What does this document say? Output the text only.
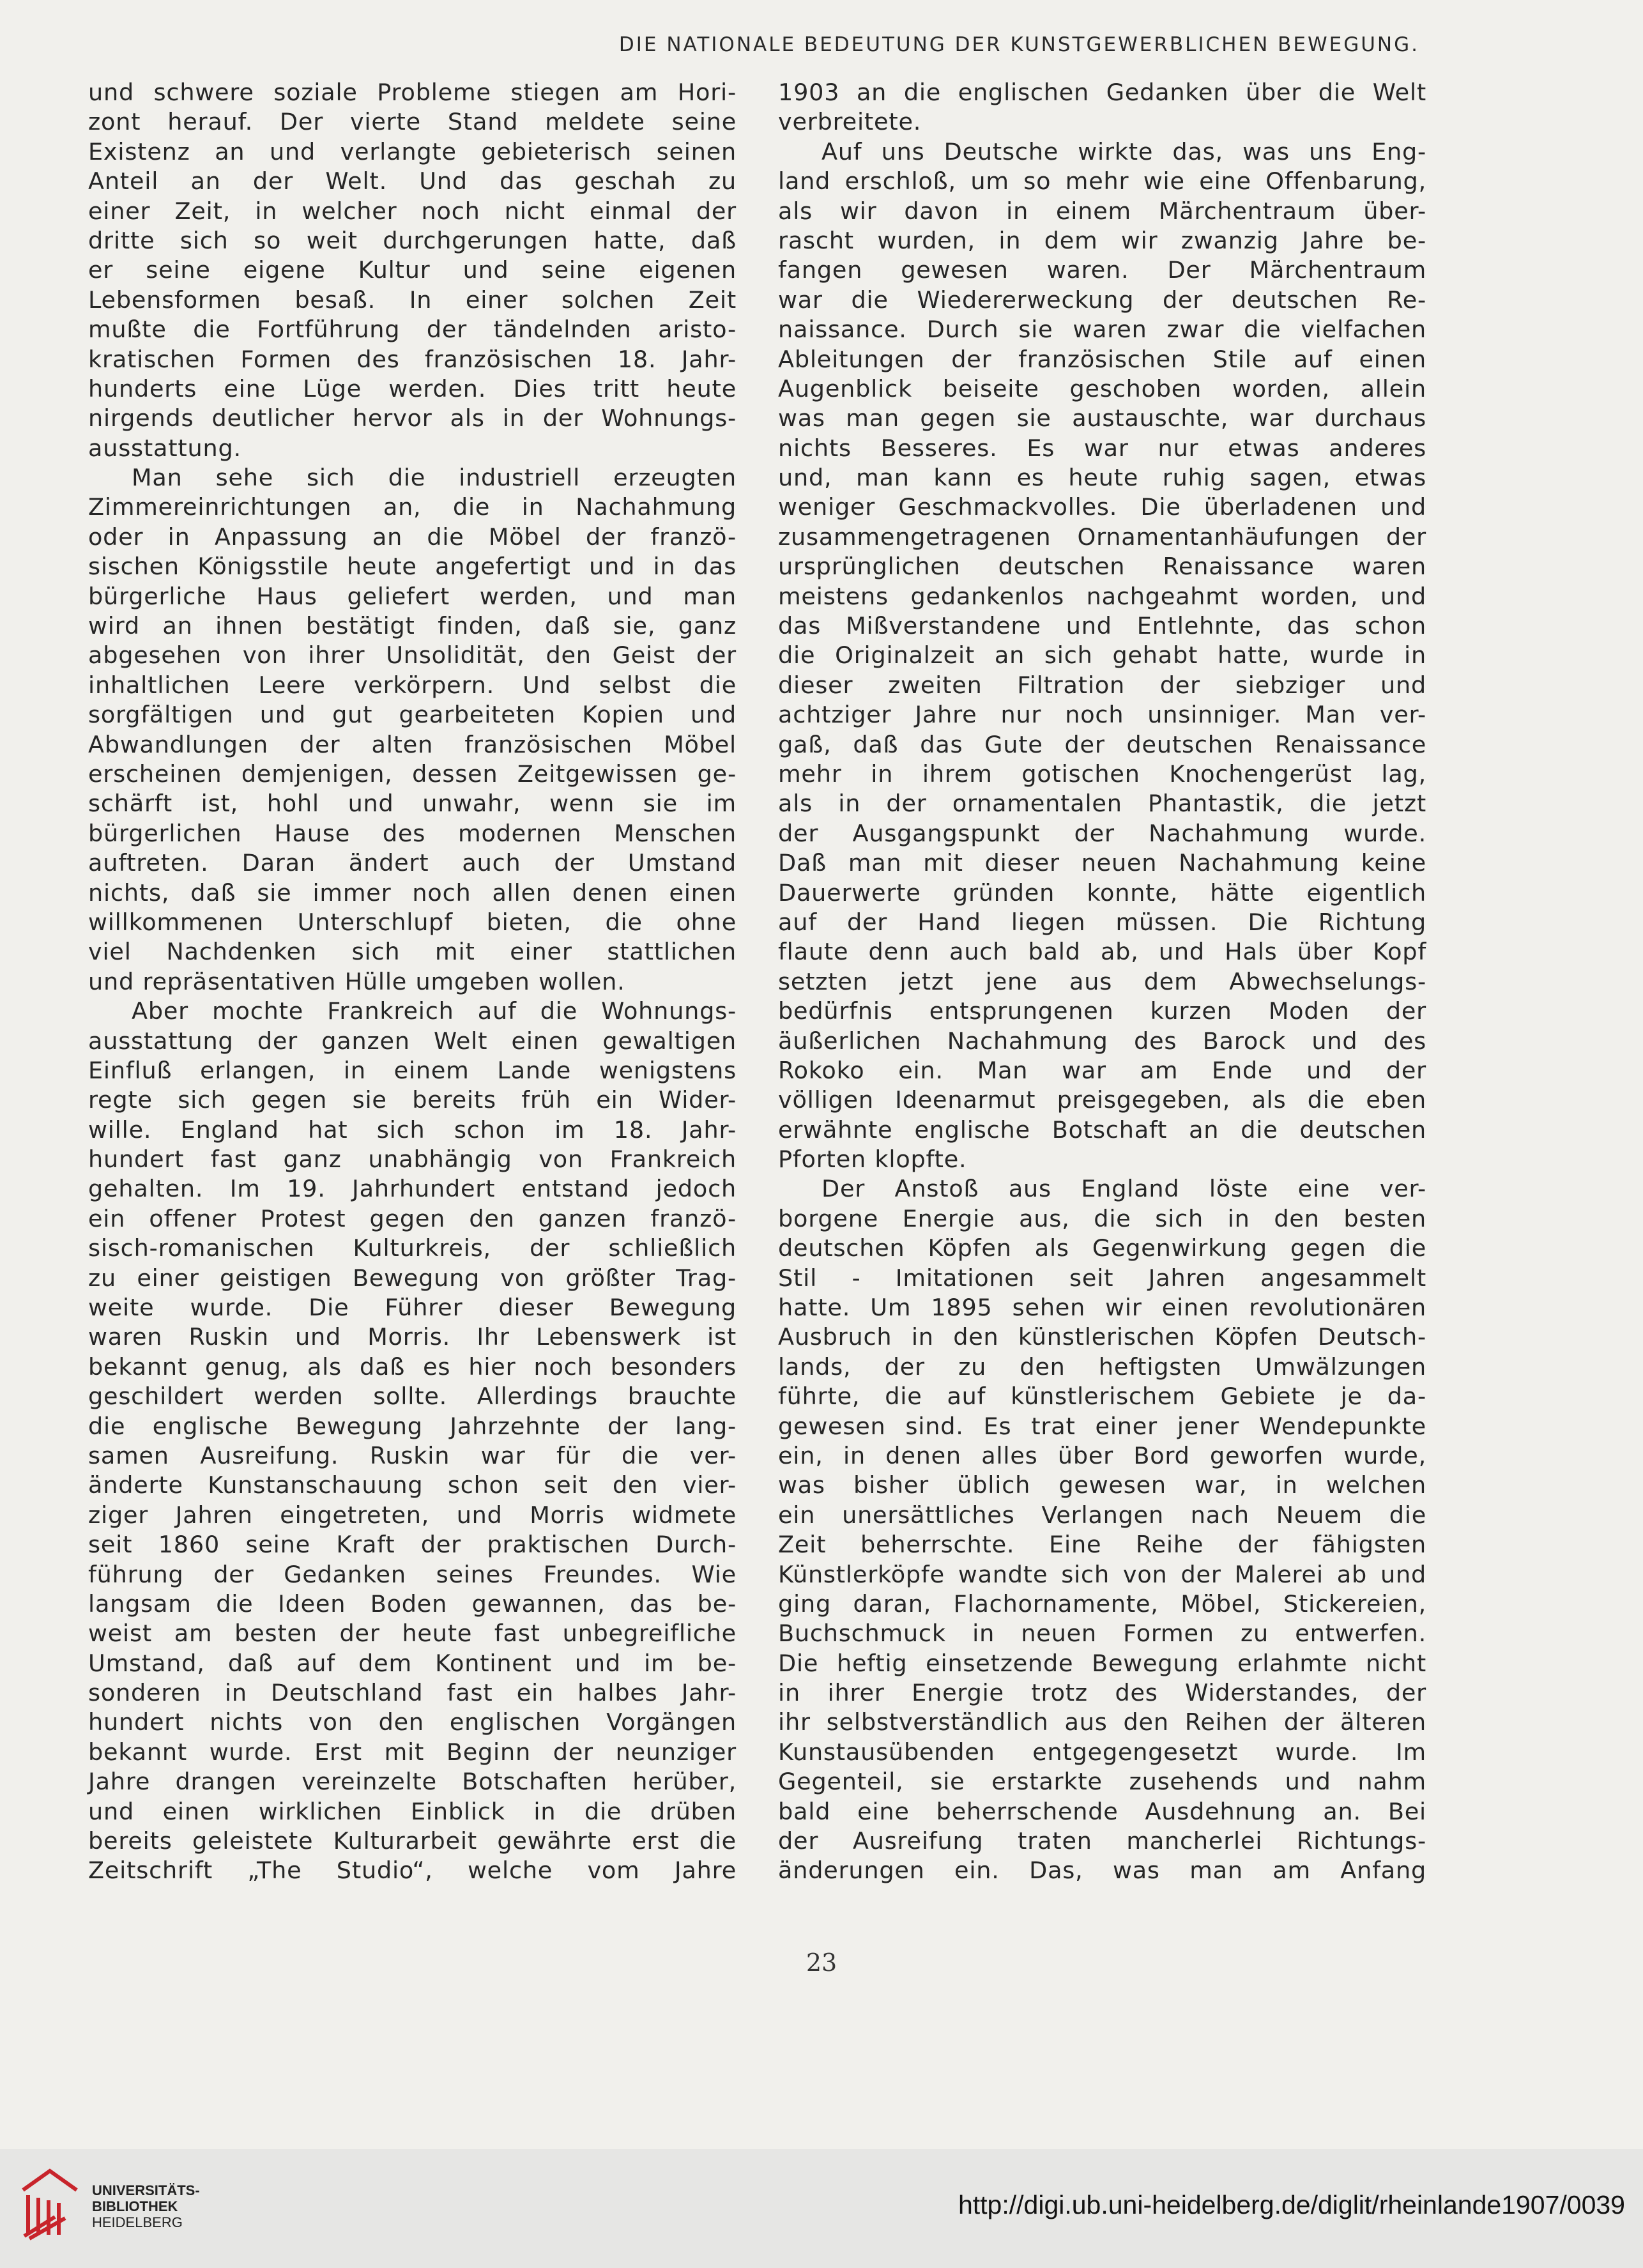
DIE NATIONALE BEDEUTUNG DER KUNSTGEWERBLICHEN BEWEGUNG.
und schwere soziale Probleme stiegen am Hori-
zont herauf. Der vierte Stand meldete seine
Existenz an und verlangte gebieterisch seinen
Anteil an der Welt. Und das geschah zu
einer Zeit, in welcher noch nicht einmal der
dritte sich so weit durchgerungen hatte, daß
er seine eigene Kultur und seine eigenen
Lebensformen besaß. In einer solchen Zeit
mußte die Fortführung der tändelnden aristo-
kratischen Formen des französischen 18. Jahr-
hunderts eine Lüge werden. Dies tritt heute
nirgends deutlicher hervor als in der Wohnungs-
ausstattung.
Man sehe sich die industriell erzeugten
Zimmereinrichtungen an, die in Nachahmung
oder in Anpassung an die Möbel der franzö-
sischen Königsstile heute angefertigt und in das
bürgerliche Haus geliefert werden, und man
wird an ihnen bestätigt finden, daß sie, ganz
abgesehen von ihrer Unsolidität, den Geist der
inhaltlichen Leere verkörpern. Und selbst die
sorgfältigen und gut gearbeiteten Kopien und
Abwandlungen der alten französischen Möbel
erscheinen demjenigen, dessen Zeitgewissen ge-
schärft ist, hohl und unwahr, wenn sie im
bürgerlichen Hause des modernen Menschen
auftreten. Daran ändert auch der Umstand
nichts, daß sie immer noch allen denen einen
willkommenen Unterschlupf bieten, die ohne
viel Nachdenken sich mit einer stattlichen
und repräsentativen Hülle umgeben wollen.
Aber mochte Frankreich auf die Wohnungs-
ausstattung der ganzen Welt einen gewaltigen
Einfluß erlangen, in einem Lande wenigstens
regte sich gegen sie bereits früh ein Wider-
wille. England hat sich schon im 18. Jahr-
hundert fast ganz unabhängig von Frankreich
gehalten. Im 19. Jahrhundert entstand jedoch
ein offener Protest gegen den ganzen franzö-
sisch-romanischen Kulturkreis, der schließlich
zu einer geistigen Bewegung von größter Trag-
weite wurde. Die Führer dieser Bewegung
waren Ruskin und Morris. Ihr Lebenswerk ist
bekannt genug, als daß es hier noch besonders
geschildert werden sollte. Allerdings brauchte
die englische Bewegung Jahrzehnte der lang-
samen Ausreifung. Ruskin war für die ver-
änderte Kunstanschauung schon seit den vier-
ziger Jahren eingetreten, und Morris widmete
seit 1860 seine Kraft der praktischen Durch-
führung der Gedanken seines Freundes. Wie
langsam die Ideen Boden gewannen, das be-
weist am besten der heute fast unbegreifliche
Umstand, daß auf dem Kontinent und im be-
sonderen in Deutschland fast ein halbes Jahr-
hundert nichts von den englischen Vorgängen
bekannt wurde. Erst mit Beginn der neunziger
Jahre drangen vereinzelte Botschaften herüber,
und einen wirklichen Einblick in die drüben
bereits geleistete Kulturarbeit gewährte erst die
Zeitschrift „The Studio“, welche vom Jahre
1903 an die englischen Gedanken über die Welt
verbreitete.
Auf uns Deutsche wirkte das, was uns Eng-
land erschloß, um so mehr wie eine Offenbarung,
als wir davon in einem Märchentraum über-
rascht wurden, in dem wir zwanzig Jahre be-
fangen gewesen waren. Der Märchentraum
war die Wiedererweckung der deutschen Re-
naissance. Durch sie waren zwar die vielfachen
Ableitungen der französischen Stile auf einen
Augenblick beiseite geschoben worden, allein
was man gegen sie austauschte, war durchaus
nichts Besseres. Es war nur etwas anderes
und, man kann es heute ruhig sagen, etwas
weniger Geschmackvolles. Die überladenen und
zusammengetragenen Ornamentanhäufungen der
ursprünglichen deutschen Renaissance waren
meistens gedankenlos nachgeahmt worden, und
das Mißverstandene und Entlehnte, das schon
die Originalzeit an sich gehabt hatte, wurde in
dieser zweiten Filtration der siebziger und
achtziger Jahre nur noch unsinniger. Man ver-
gaß, daß das Gute der deutschen Renaissance
mehr in ihrem gotischen Knochengerüst lag,
als in der ornamentalen Phantastik, die jetzt
der Ausgangspunkt der Nachahmung wurde.
Daß man mit dieser neuen Nachahmung keine
Dauerwerte gründen konnte, hätte eigentlich
auf der Hand liegen müssen. Die Richtung
flaute denn auch bald ab, und Hals über Kopf
setzten jetzt jene aus dem Abwechselungs-
bedürfnis entsprungenen kurzen Moden der
äußerlichen Nachahmung des Barock und des
Rokoko ein. Man war am Ende und der
völligen Ideenarmut preisgegeben, als die eben
erwähnte englische Botschaft an die deutschen
Pforten klopfte.
Der Anstoß aus England löste eine ver-
borgene Energie aus, die sich in den besten
deutschen Köpfen als Gegenwirkung gegen die
Stil - Imitationen seit Jahren angesammelt
hatte. Um 1895 sehen wir einen revolutionären
Ausbruch in den künstlerischen Köpfen Deutsch-
lands, der zu den heftigsten Umwälzungen
führte, die auf künstlerischem Gebiete je da-
gewesen sind. Es trat einer jener Wendepunkte
ein, in denen alles über Bord geworfen wurde,
was bisher üblich gewesen war, in welchen
ein unersättliches Verlangen nach Neuem die
Zeit beherrschte. Eine Reihe der fähigsten
Künstlerköpfe wandte sich von der Malerei ab und
ging daran, Flachornamente, Möbel, Stickereien,
Buchschmuck in neuen Formen zu entwerfen.
Die heftig einsetzende Bewegung erlahmte nicht
in ihrer Energie trotz des Widerstandes, der
ihr selbstverständlich aus den Reihen der älteren
Kunstausübenden entgegengesetzt wurde. Im
Gegenteil, sie erstarkte zusehends und nahm
bald eine beherrschende Ausdehnung an. Bei
der Ausreifung traten mancherlei Richtungs-
änderungen ein. Das, was man am Anfang
23
UNIVERSITÄTS-
BIBLIOTHEK
HEIDELBERG
http://digi.ub.uni-heidelberg.de/diglit/rheinlande1907/0039
